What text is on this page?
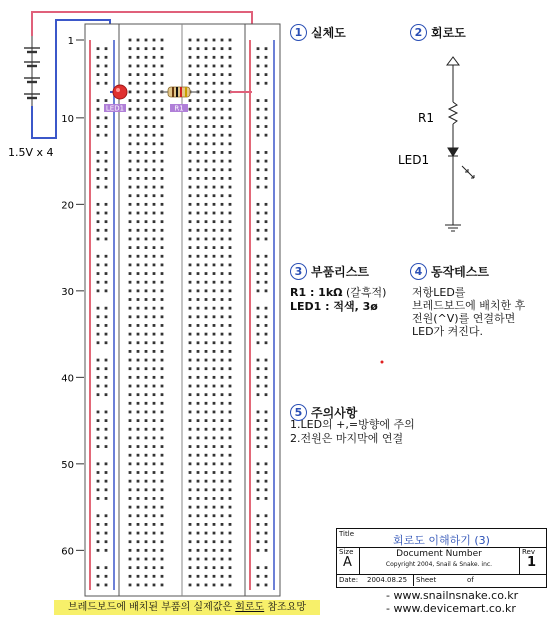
1
10
20
30
40
50
60
LED1	R1
R1
LED1
1.5V x 4
1 실체도	2 회로도
3 부품리스트
R1 : 1kΩ (갈흑적)
LED1 : 적색, 3ø
4 동작테스트
저항LED를
브레드보드에 배치한 후
전원(^V)를 연결하면
LED가 켜진다.
5 주의사항
1.LED의 +,=방향에 주의
2.전원은 마지막에 연결
Title	회로도 이해하기 (3)
Size
A
Document Number
Copyright 2004, Snail & Snake. inc.
Rev
1
Date: 2004.08.25 Sheet	of
- www.snailnsnake.co.kr
- www.devicemart.co.kr
브레드보드에 배치된 부품의 실제값은 회로도 참조요망
